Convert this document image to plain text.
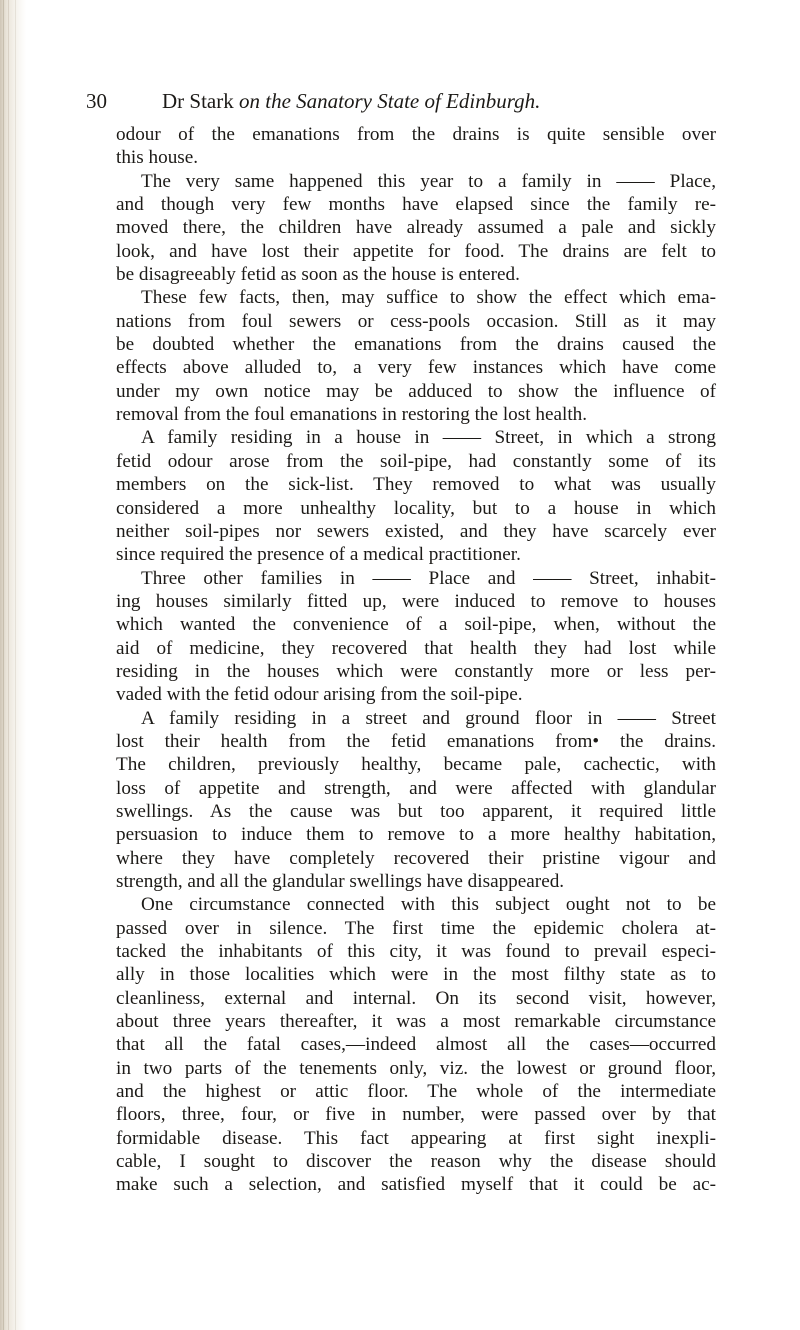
30	Dr Stark on the Sanatory State of Edinburgh.
odour of the emanations from the drains is quite sensible over
this house.
The very same happened this year to a family in —— Place,
and though very few months have elapsed since the family re-
moved there, the children have already assumed a pale and sickly
look, and have lost their appetite for food. The drains are felt to
be disagreeably fetid as soon as the house is entered.
These few facts, then, may suffice to show the effect which ema-
nations from foul sewers or cess-pools occasion. Still as it may
be doubted whether the emanations from the drains caused the
effects above alluded to, a very few instances which have come
under my own notice may be adduced to show the influence of
removal from the foul emanations in restoring the lost health.
A family residing in a house in —— Street, in which a strong
fetid odour arose from the soil-pipe, had constantly some of its
members on the sick-list. They removed to what was usually
considered a more unhealthy locality, but to a house in which
neither soil-pipes nor sewers existed, and they have scarcely ever
since required the presence of a medical practitioner.
Three other families in —— Place and —— Street, inhabit-
ing houses similarly fitted up, were induced to remove to houses
which wanted the convenience of a soil-pipe, when, without the
aid of medicine, they recovered that health they had lost while
residing in the houses which were constantly more or less per-
vaded with the fetid odour arising from the soil-pipe.
A family residing in a street and ground floor in —— Street
lost their health from the fetid emanations from• the drains.
The children, previously healthy, became pale, cachectic, with
loss of appetite and strength, and were affected with glandular
swellings. As the cause was but too apparent, it required little
persuasion to induce them to remove to a more healthy habitation,
where they have completely recovered their pristine vigour and
strength, and all the glandular swellings have disappeared.
One circumstance connected with this subject ought not to be
passed over in silence. The first time the epidemic cholera at-
tacked the inhabitants of this city, it was found to prevail especi-
ally in those localities which were in the most filthy state as to
cleanliness, external and internal. On its second visit, however,
about three years thereafter, it was a most remarkable circumstance
that all the fatal cases,—indeed almost all the cases—occurred
in two parts of the tenements only, viz. the lowest or ground floor,
and the highest or attic floor. The whole of the intermediate
floors, three, four, or five in number, were passed over by that
formidable disease. This fact appearing at first sight inexpli-
cable, I sought to discover the reason why the disease should
make such a selection, and satisfied myself that it could be ac-
